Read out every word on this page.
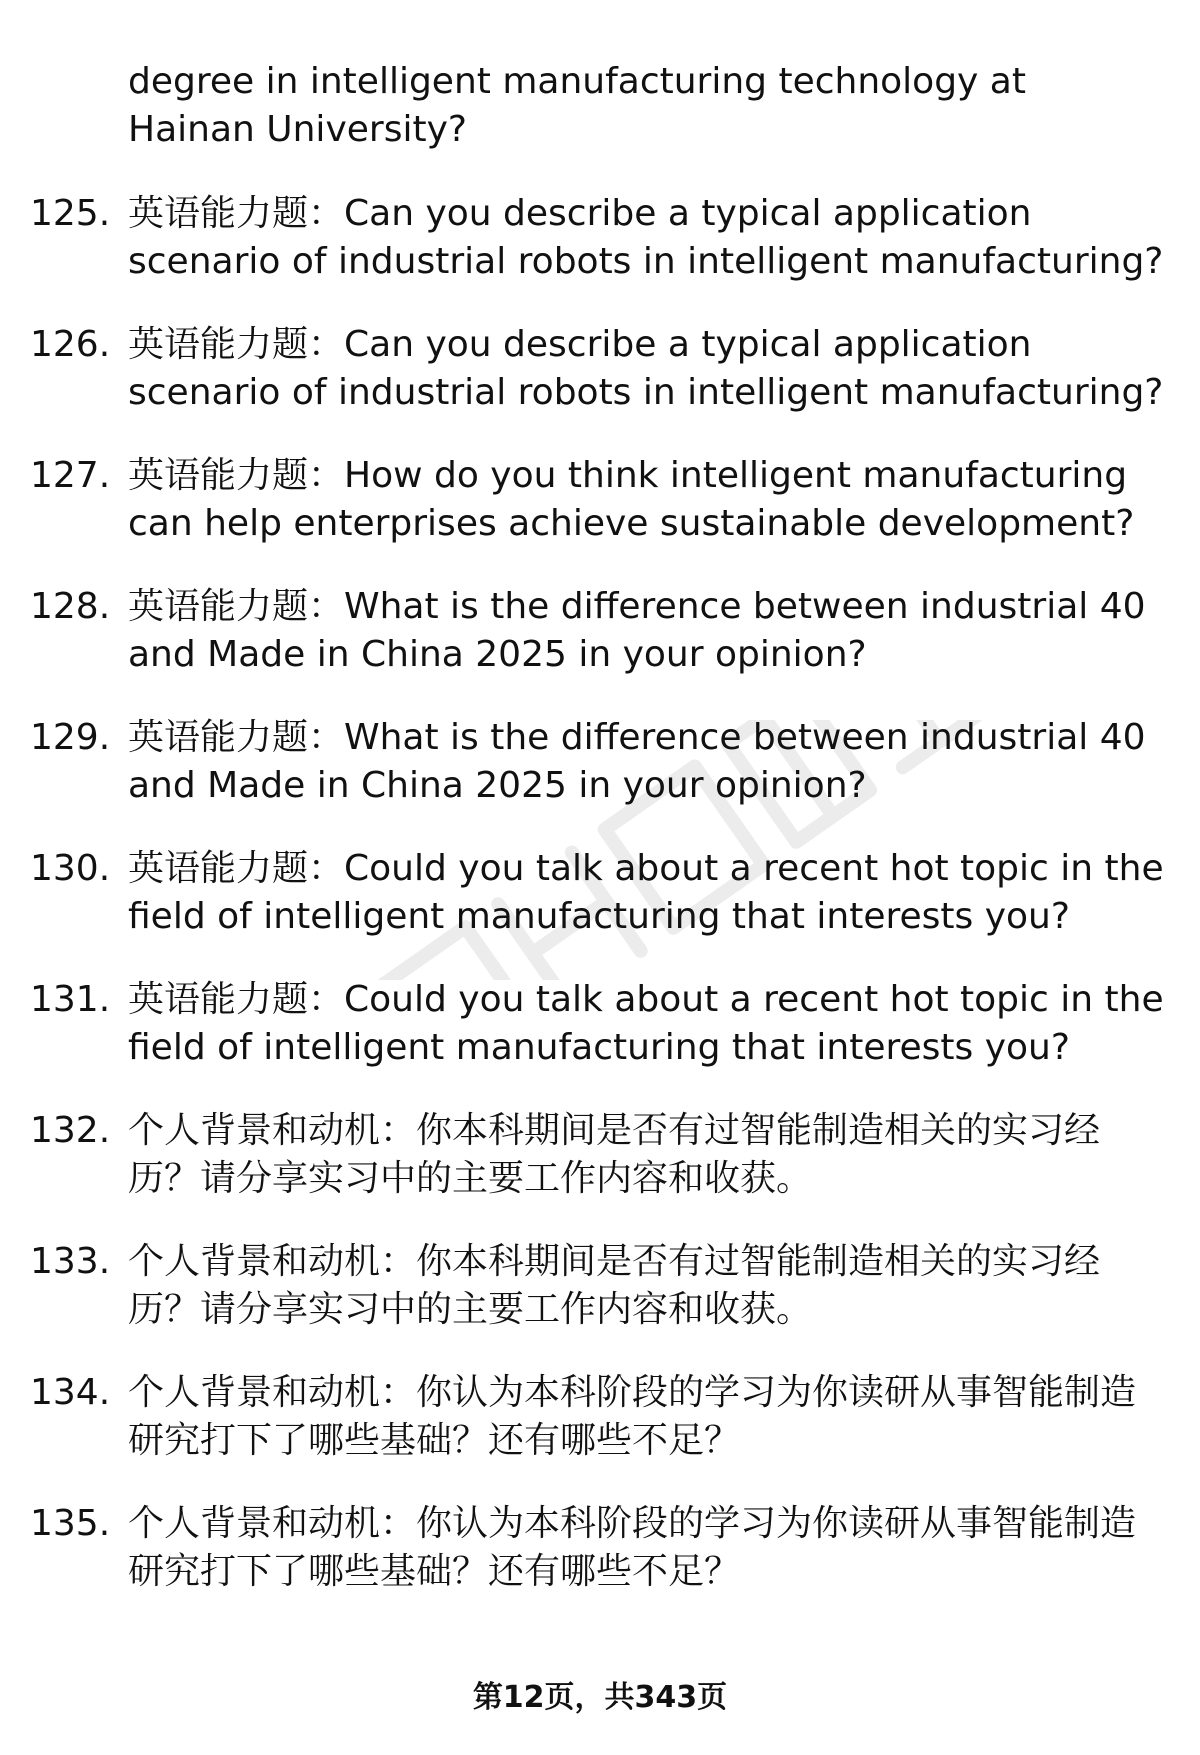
degree in intelligent manufacturing technology at Hainan University?

125. 英语能力题：Can you describe a typical application scenario of industrial robots in intelligent manufacturing?
126. 英语能力题：Can you describe a typical application scenario of industrial robots in intelligent manufacturing?
127. 英语能力题：How do you think intelligent manufacturing can help enterprises achieve sustainable development?
128. 英语能力题：What is the difference between industrial 40 and Made in China 2025 in your opinion?
129. 英语能力题：What is the difference between industrial 40 and Made in China 2025 in your opinion?
130. 英语能力题：Could you talk about a recent hot topic in the field of intelligent manufacturing that interests you?
131. 英语能力题：Could you talk about a recent hot topic in the field of intelligent manufacturing that interests you?
132. 个人背景和动机：你本科期间是否有过智能制造相关的实习经历？请分享实习中的主要工作内容和收获。
133. 个人背景和动机：你本科期间是否有过智能制造相关的实习经历？请分享实习中的主要工作内容和收获。
134. 个人背景和动机：你认为本科阶段的学习为你读研从事智能制造研究打下了哪些基础？还有哪些不足？
135. 个人背景和动机：你认为本科阶段的学习为你读研从事智能制造研究打下了哪些基础？还有哪些不足？
第12页，共343页
